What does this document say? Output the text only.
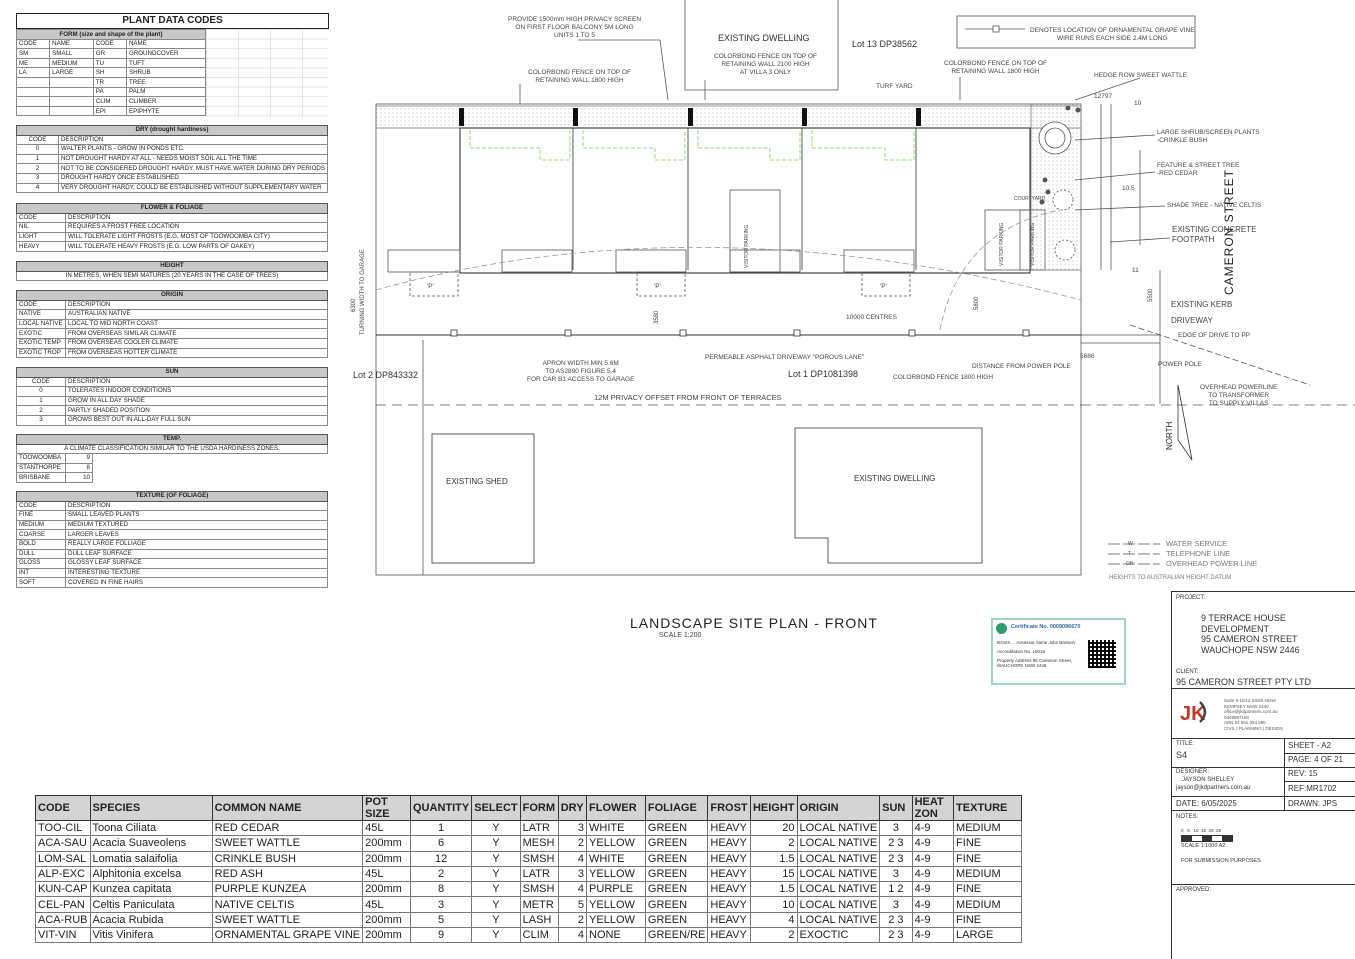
PLANT DATA CODES
FORM (size and shape of the plant)			
CODE	NAME	CODE	NAME
SM	SMALL	GR	GROUNDCOVER
ME	MEDIUM	TU	TUFT
LA	LARGE	SH	SHRUB
		TR	TREE
		PA	PALM
		CLIM	CLIMBER
		EPI	EPIPHYTE
DRY (drought hardiness)	
CODE	DESCRIPTION
0	WALTER PLANTS - GROW IN PONDS ETC.
1	NOT DROUGHT HARDY AT ALL - NEEDS MOIST SOIL ALL THE TIME
2	NOT TO BE CONSIDERED DROUGHT HARDY, MUST HAVE WATER DURING DRY PERIODS
3	DROUGHT HARDY ONCE ESTABLISHED
4	VERY DROUGHT HARDY, COULD BE ESTABLISHED WITHOUT SUPPLEMENTARY WATER
FLOWER & FOLIAGE	
CODE	DESCRIPTION
NIL	REQUIRES A FROST FREE LOCATION
LIGHT	WILL TOLERATE LIGHT FROSTS (E.G. MOST OF TOOWOOMBA CITY)
HEAVY	WILL TOLERATE HEAVY FROSTS (E.G. LOW PARTS OF OAKEY)
HEIGHT
IN METRES, WHEN SEMI MATURES (20 YEARS IN THE CASE OF TREES)
ORIGIN	
CODE	DESCRIPTION
NATIVE	AUSTRALIAN NATIVE
LOCAL NATIVE	LOCAL TO MID NORTH COAST
EXOTIC	FROM OVERSEAS SIMILAR CLIMATE
EXOTIC TEMP	FROM OVERSEAS COOLER CLIMATE
EXOTIC TROP	FROM OVERSEAS HOTTER CLIMATE
SUN	
CODE	DESCRIPTION
0	TOLERATES INDOOR CONDITIONS
1	GROW IN ALL DAY SHADE
2	PARTLY SHADED POSITION
3	GROWS BEST OUT IN ALL-DAY FULL SUN
TEMP.		
A CLIMATE CLASSIFICATION SIMILAR TO THE USDA HARDINESS ZONES.		
TOOWOOMBA	9	
STANTHORPE	8	
BRISBANE	10	
TEXTURE (OF FOLIAGE)	
CODE	DESCRIPTION
FINE	SMALL LEAVED PLANTS
MEDIUM	MEDIUM TEXTURED
COARSE	LARGER LEAVES
BOLD	REALLY LARGE FOLLIAGE
DULL	DULL LEAF SURFACE
GLOSS	GLOSSY LEAF SURFACE
INT	INTERESTING TEXTURE
SOFT	COVERED IN FINE HAIRS
PROVIDE 1500mm HIGH PRIVACY SCREEN
ON FIRST FLOOR BALCONY 5M LONG
UNITS 1 TO 5	EXISTING DWELLING
COLORBOND FENCE ON TOP OF
RETAINING WALL 2100 HIGH
AT VILLA 3 ONLY
Lot 13 DP38562
COLORBOND FENCE ON TOP OF
RETAINING WALL 1800 HIGH
COLORBOND FENCE ON TOP OF
RETAINING WALL 1800 HIGH
TURF YARD
DENOTES LOCATION OF ORNAMENTAL GRAPE VINE
WIRE RUNS EACH SIDE 2.4M LONG
HEDGE ROW SWEET WATTLE
12797
LARGE SHRUB/SCREEN PLANTS
-CRINKLE BUSH
FEATURE & STREET TREE
-RED CEDAR
SHADE TREE - NATIVE CELTIS
EXISTING CONCRETE
FOOTPATH
EXISTING KERB
DRIVEWAY
EDGE OF DRIVE TO PP
POWER POLE
DISTANCE FROM POWER POLE
OVERHEAD POWERLINE
TO TRANSFORMER
TO SUPPLY VILLAS
CAMERON STREET
NORTH
Lot 2 DP843332	Lot 1 DP1081398
APRON WIDTH MIN 5.6M
TO AS2890 FIGURE 5.4
FOR CAR B1 ACCESS TO GARAGE
PERMEABLE ASPHALT DRIVEWAY "POROUS LANE"
COLORBOND FENCE 1800 HIGH
10000 CENTRES
12M PRIVACY OFFSET FROM FRONT OF TERRACES
EXISTING SHED	EXISTING DWELLING
TURNING WIDTH TO GARAGE
6300
3580
5800
5500
5686
10
10.5
11
COURTYARD
VISITOR PARKING	VISITOR PARKING	VISITOR PARKING
'P'	'P'	'P'
W
T
OH
WATER SERVICE
TELEPHONE LINE
OVERHEAD POWER LINE
HEIGHTS TO AUSTRALIAN HEIGHT DATUM
LANDSCAPE SITE PLAN - FRONT
SCALE 1:200
Certificate No. 0009096670
BASIX ... Assessor name Jobs Basserv
Accreditation No. 19018
Property Address 95 Cameron Street, WAUCHOPE NSW 2446
CODE	SPECIES	COMMON NAME	POT SIZE	QUANTITY	SELECT	FORM	DRY	FLOWER	FOLIAGE	FROST	HEIGHT	ORIGIN	SUN	HEAT ZON	TEXTURE
TOO-CIL	Toona Ciliata	RED CEDAR	45L	1	Y	LATR	3	WHITE	GREEN	HEAVY	20	LOCAL NATIVE	3	4-9	MEDIUM
ACA-SAU	Acacia Suaveolens	SWEET WATTLE	200mm	6	Y	MESH	2	YELLOW	GREEN	HEAVY	2	LOCAL NATIVE	2 3	4-9	FINE
LOM-SAL	Lomatia salaifolia	CRINKLE BUSH	200mm	12	Y	SMSH	4	WHITE	GREEN	HEAVY	1.5	LOCAL NATIVE	2 3	4-9	FINE
ALP-EXC	Alphitonia excelsa	RED ASH	45L	2	Y	LATR	3	YELLOW	GREEN	HEAVY	15	LOCAL NATIVE	3	4-9	MEDIUM
KUN-CAP	Kunzea capitata	PURPLE KUNZEA	200mm	8	Y	SMSH	4	PURPLE	GREEN	HEAVY	1.5	LOCAL NATIVE	1 2	4-9	FINE
CEL-PAN	Celtis Paniculata	NATIVE CELTIS	45L	3	Y	METR	5	YELLOW	GREEN	HEAVY	10	LOCAL NATIVE	3	4-9	MEDIUM
ACA-RUB	Acacia Rubida	SWEET WATTLE	200mm	5	Y	LASH	2	YELLOW	GREEN	HEAVY	4	LOCAL NATIVE	2 3	4-9	FINE
VIT-VIN	Vitis Vinifera	ORNAMENTAL GRAPE VINE	200mm	9	Y	CLIM	4	NONE	GREEN/RE	HEAVY	2	EXOCTIC	2 3	4-9	LARGE
PROJECT:
9 TERRACE HOUSE
DEVELOPMENT
95 CAMERON STREET
WAUCHOPE NSW 2446
CLIENT:
95 CAMERON STREET PTY LTD
JK
Suite 5-11/12 Smith street
KEMPSEY NSW 2440
office@jkdpartners.com.au
0449987160
ABN 24 551 354 096
CIVIL | PLANNING | DESIGN
TITLE:
S4
SHEET - A2
PAGE: 4 OF 21
DESIGNER:
JAYSON SHELLEY
jayson@jkdpartners.com.au
REV: 15
REF:MR1702
DATE: 6/05/2025	DRAWN: JPS
NOTES:
0   5   10  15  20  25
SCALE 1:1000 A2
FOR SUBMISSION PURPOSES
APPROVED:
